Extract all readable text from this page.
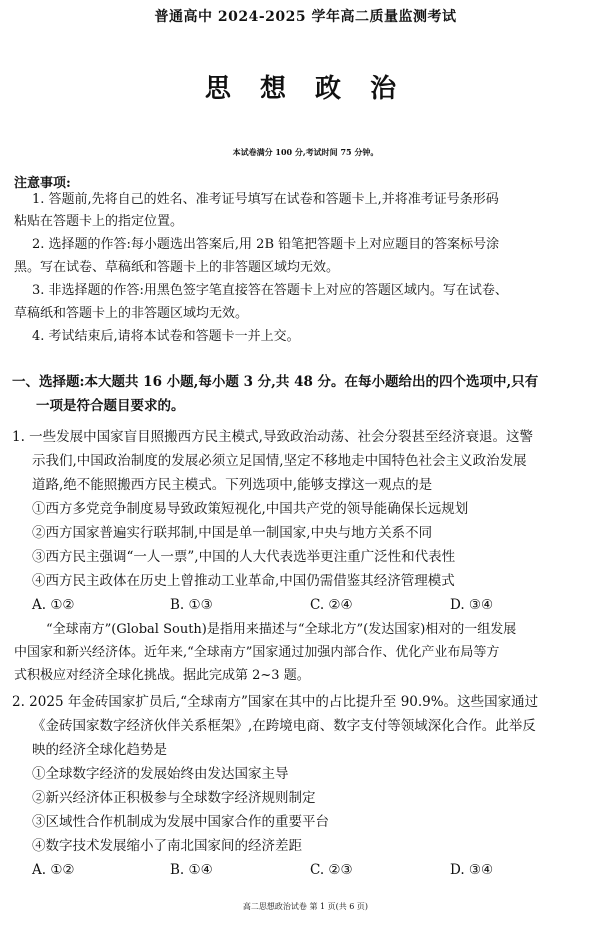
普通高中 2024-2025 学年高二质量监测考试
思 想 政 治
本试卷满分 100 分,考试时间 75 分钟。
注意事项:
1. 答题前,先将自己的姓名、准考证号填写在试卷和答题卡上,并将准考证号条形码
粘贴在答题卡上的指定位置。
2. 选择题的作答:每小题选出答案后,用 2B 铅笔把答题卡上对应题目的答案标号涂
黑。写在试卷、草稿纸和答题卡上的非答题区域均无效。
3. 非选择题的作答:用黑色签字笔直接答在答题卡上对应的答题区域内。写在试卷、
草稿纸和答题卡上的非答题区域均无效。
4. 考试结束后,请将本试卷和答题卡一并上交。
一、选择题:本大题共 16 小题,每小题 3 分,共 48 分。在每小题给出的四个选项中,只有
一项是符合题目要求的。
1. 一些发展中国家盲目照搬西方民主模式,导致政治动荡、社会分裂甚至经济衰退。这警
示我们,中国政治制度的发展必须立足国情,坚定不移地走中国特色社会主义政治发展
道路,绝不能照搬西方民主模式。下列选项中,能够支撑这一观点的是
①西方多党竞争制度易导致政策短视化,中国共产党的领导能确保长远规划
②西方国家普遍实行联邦制,中国是单一制国家,中央与地方关系不同
③西方民主强调“一人一票”,中国的人大代表选举更注重广泛性和代表性
④西方民主政体在历史上曾推动工业革命,中国仍需借鉴其经济管理模式
A. ①②	B. ①③	C. ②④	D. ③④
“全球南方”(Global South)是指用来描述与“全球北方”(发达国家)相对的一组发展
中国家和新兴经济体。近年来,“全球南方”国家通过加强内部合作、优化产业布局等方
式积极应对经济全球化挑战。据此完成第 2~3 题。
2. 2025 年金砖国家扩员后,“全球南方”国家在其中的占比提升至 90.9%。这些国家通过
《金砖国家数字经济伙伴关系框架》,在跨境电商、数字支付等领域深化合作。此举反
映的经济全球化趋势是
①全球数字经济的发展始终由发达国家主导
②新兴经济体正积极参与全球数字经济规则制定
③区域性合作机制成为发展中国家合作的重要平台
④数字技术发展缩小了南北国家间的经济差距
A. ①②	B. ①④	C. ②③	D. ③④
高二思想政治试卷 第 1 页(共 6 页)
